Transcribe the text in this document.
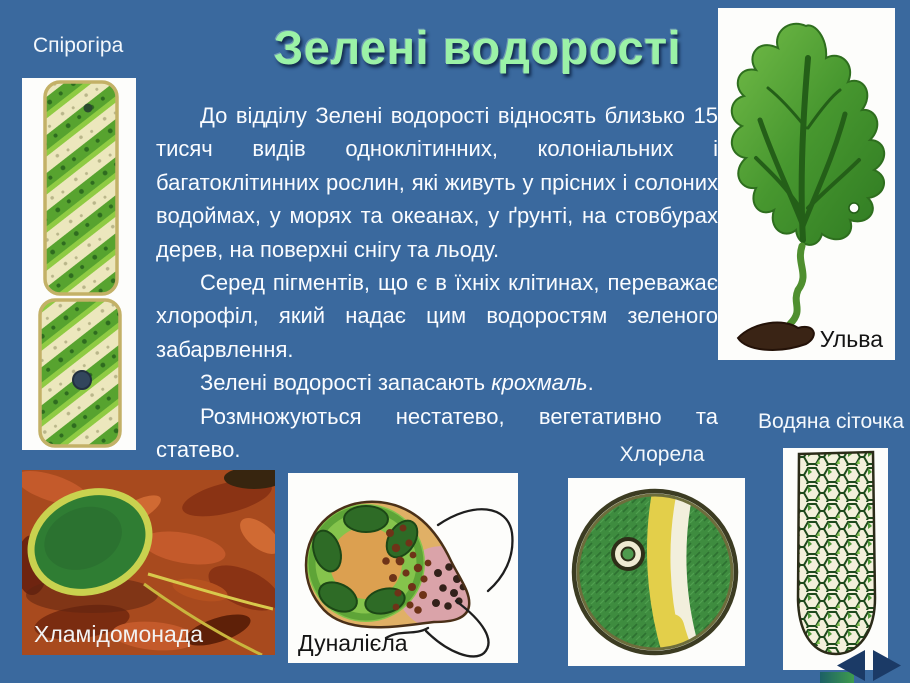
Зелені водорості
Спірогіра

До відділу Зелені водорості відносять близько 15 тисяч видів одноклітинних, колоніальних і багатоклітинних рослин, які живуть у прісних і солоних водоймах, у морях та океанах, у ґрунті, на стовбурах дерев, на поверхні снігу та льоду.

Серед пігментів, що є в їхніх клітинах, переважає хлорофіл, який надає цим водоростям зеленого забарвлення.

Зелені водорості запасають крохмаль.

Розмножуються нестатево, вегетативно та статево.

Ульва
Водяна сіточка
Хлорела
Хламідомонада	Дуналієла
